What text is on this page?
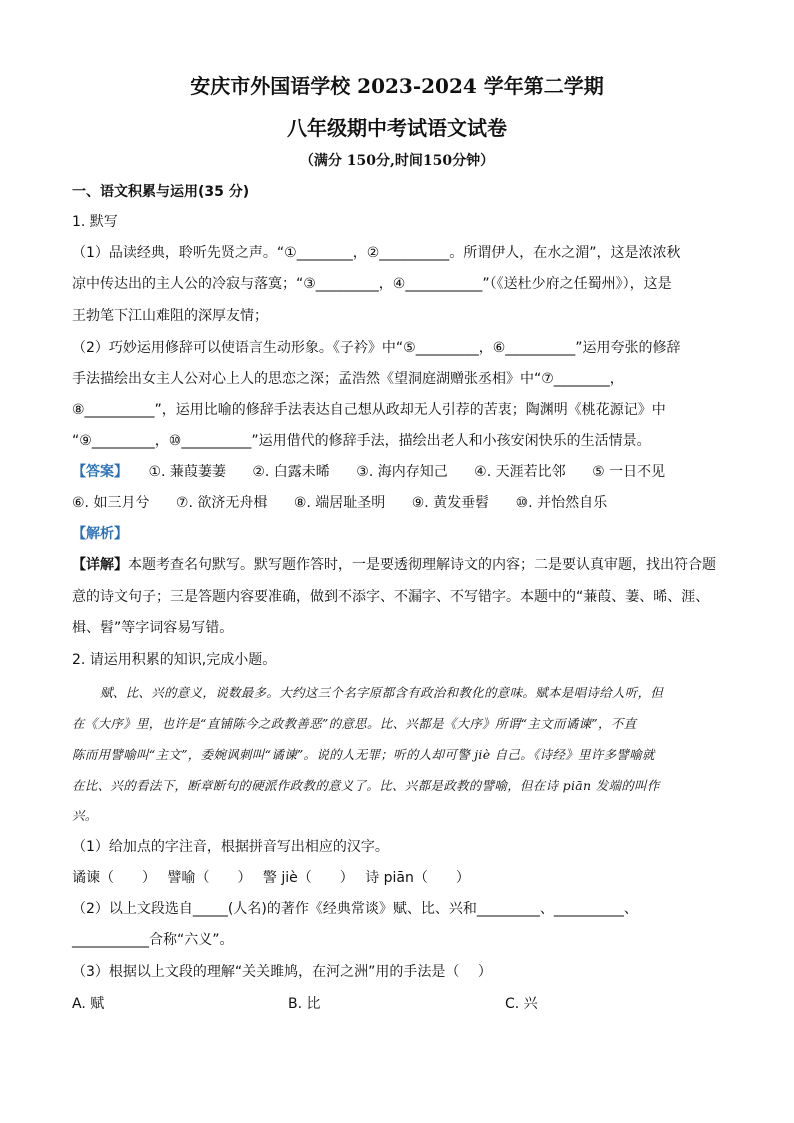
安庆市外国语学校 2023-2024 学年第二学期
八年级期中考试语文试卷
（满分 150分,时间150分钟）
一、语文积累与运用(35 分)
1. 默写
（1）品读经典，聆听先贤之声。“①________，②__________。所谓伊人，在水之湄”，这是浓浓秋
凉中传达出的主人公的冷寂与落寞；“③_________，④___________”（《送杜少府之任蜀州》），这是
王勃笔下江山难阻的深厚友情；
（2）巧妙运用修辞可以使语言生动形象。《子衿》中“⑤_________，⑥__________”运用夸张的修辞
手法描绘出女主人公对心上人的思恋之深；孟浩然《望洞庭湖赠张丞相》中“⑦________，
⑧__________”，运用比喻的修辞手法表达自己想从政却无人引荐的苦衷；陶渊明《桃花源记》中
“⑨_________，⑩__________”运用借代的修辞手法，描绘出老人和小孩安闲快乐的生活情景。
【答案】 ①. 蒹葭萋萋 ②. 白露未晞 ③. 海内存知己 ④. 天涯若比邻 ⑤ 一日不见
⑥. 如三月兮 ⑦. 欲济无舟楫 ⑧. 端居耻圣明 ⑨. 黄发垂髫 ⑩. 并怡然自乐
【解析】
【详解】本题考查名句默写。默写题作答时，一是要透彻理解诗文的内容；二是要认真审题，找出符合题
意的诗文句子；三是答题内容要准确，做到不添字、不漏字、不写错字。本题中的“蒹葭、萋、晞、涯、
楫、髫”等字词容易写错。
2. 请运用积累的知识,完成小题。
赋、比、兴的意义，说数最多。大约这三个名字原都含有政治和教化的意味。赋本是唱诗给人听，但
在《大序》里，也许是“直铺陈今之政教善恶”的意思。比、兴都是《大序》所谓“主文而谲谏”，不直
陈而用譬喻叫“主文”，委婉讽刺叫“谲谏”。说的人无罪；听的人却可警 jiè 自己。《诗经》里许多譬喻就
在比、兴的看法下，断章断句的硬派作政教的意义了。比、兴都是政教的譬喻，但在诗 piān 发端的叫作
兴。
（1）给加点的字注音，根据拼音写出相应的汉字。
谲谏（　　）　 譬喻（　　）　 警 jiè（　　）　 诗 piān（　　）
（2）以上文段选自_____(人名)的著作《经典常谈》赋、比、兴和_________、__________、
___________合称“六义”。
（3）根据以上文段的理解“关关雎鸠，在河之洲”用的手法是（　 ）
A. 赋	B. 比	C. 兴
